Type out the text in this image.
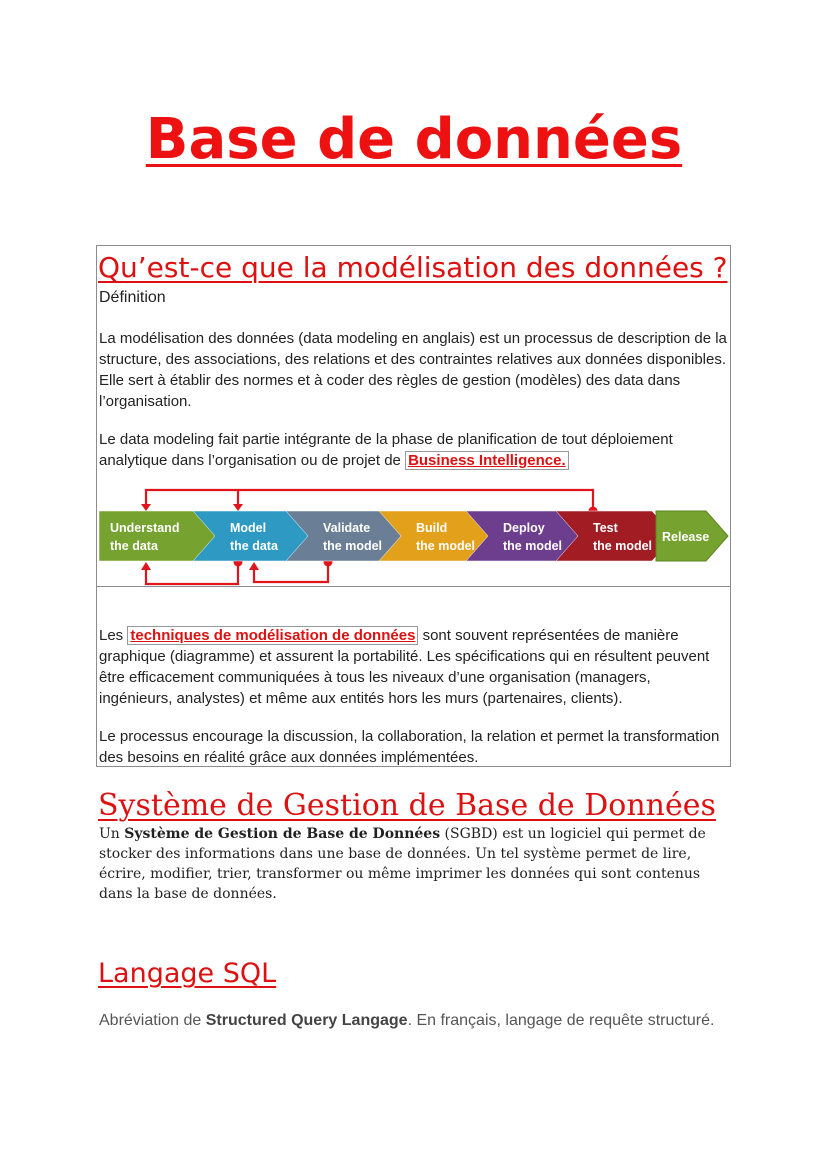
Base de données
Qu’est-ce que la modélisation des données ?
Définition

La modélisation des données (data modeling en anglais) est un processus de description de la structure, des associations, des relations et des contraintes relatives aux données disponibles. Elle sert à établir des normes et à coder des règles de gestion (modèles) des data dans l’organisation.

Le data modeling fait partie intégrante de la phase de planification de tout déploiement analytique dans l’organisation ou de projet de Business Intelligence.

Understand
the data
Model
the data
Validate
the model
Build
the model
Deploy
the model
Test
the model
Release

Les techniques de modélisation de données sont souvent représentées de manière graphique (diagramme) et assurent la portabilité. Les spécifications qui en résultent peuvent être efficacement communiquées à tous les niveaux d’une organisation (managers, ingénieurs, analystes) et même aux entités hors les murs (partenaires, clients).

Le processus encourage la discussion, la collaboration, la relation et permet la transformation des besoins en réalité grâce aux données implémentées.

Système de Gestion de Base de Données

Un Système de Gestion de Base de Données (SGBD) est un logiciel qui permet de stocker des informations dans une base de données. Un tel système permet de lire, écrire, modifier, trier, transformer ou même imprimer les données qui sont contenus dans la base de données.

Langage SQL

Abréviation de Structured Query Langage. En français, langage de requête structuré.
